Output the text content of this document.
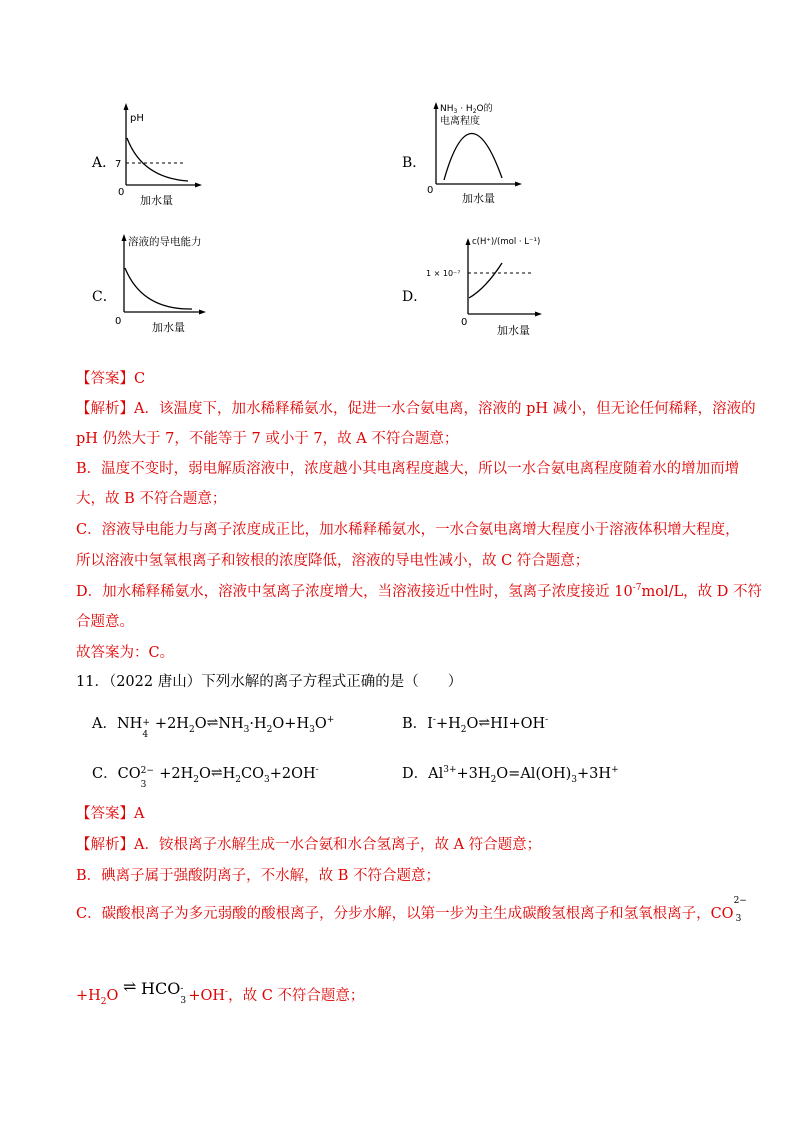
A．
pH
7
0
加水量
B．
$NH_3 \cdot H_2O$的
电离程度
0
加水量
C．
溶液的导电能力
0	加水量
D．
c(H⁺)/(mol · L⁻¹)
1 × 10⁻⁷
0
加水量
【答案】C
【解析】A．该温度下，加水稀释稀氨水，促进一水合氨电离，溶液的 pH 减小，但无论任何稀释，溶液的
pH 仍然大于 7，不能等于 7 或小于 7，故 A 不符合题意；
B．温度不变时，弱电解质溶液中，浓度越小其电离程度越大，所以一水合氨电离程度随着水的增加而增
大，故 B 不符合题意；
C．溶液导电能力与离子浓度成正比，加水稀释稀氨水，一水合氨电离增大程度小于溶液体积增大程度，
所以溶液中氢氧根离子和铵根的浓度降低，溶液的导电性减小，故 C 符合题意；
D．加水稀释稀氨水，溶液中氢离子浓度增大，当溶液接近中性时，氢离子浓度接近 $10^{-7}mol/L$，故 D 不符
合题意。
故答案为：C。
11．（2022 唐山）下列水解的离子方程式正确的是（　　）
A．NH +
4
$+2H_2O\rightleftharpoons NH_3\cdot H_2O+H_3O^+$	B．$I^-+H_2O\rightleftharpoons HI+OH^-$
C．CO 2−
3
$+2H_2O\rightleftharpoons H_2CO_3+2OH^-$	D．$Al^{3+}+3H_2O=Al(OH)_3+3H^+$
【答案】A
【解析】A．铵根离子水解生成一水合氨和水合氢离子，故 A 符合题意；
B．碘离子属于强酸阴离子，不水解，故 B 不符合题意；
C．碳酸根离子为多元弱酸的酸根离子，分步水解，以第一步为主生成碳酸氢根离子和氢氧根离子，CO
2−
3
$+H_2O$ ⇌ HCO -
3 +OH-，故 C 不符合题意；
